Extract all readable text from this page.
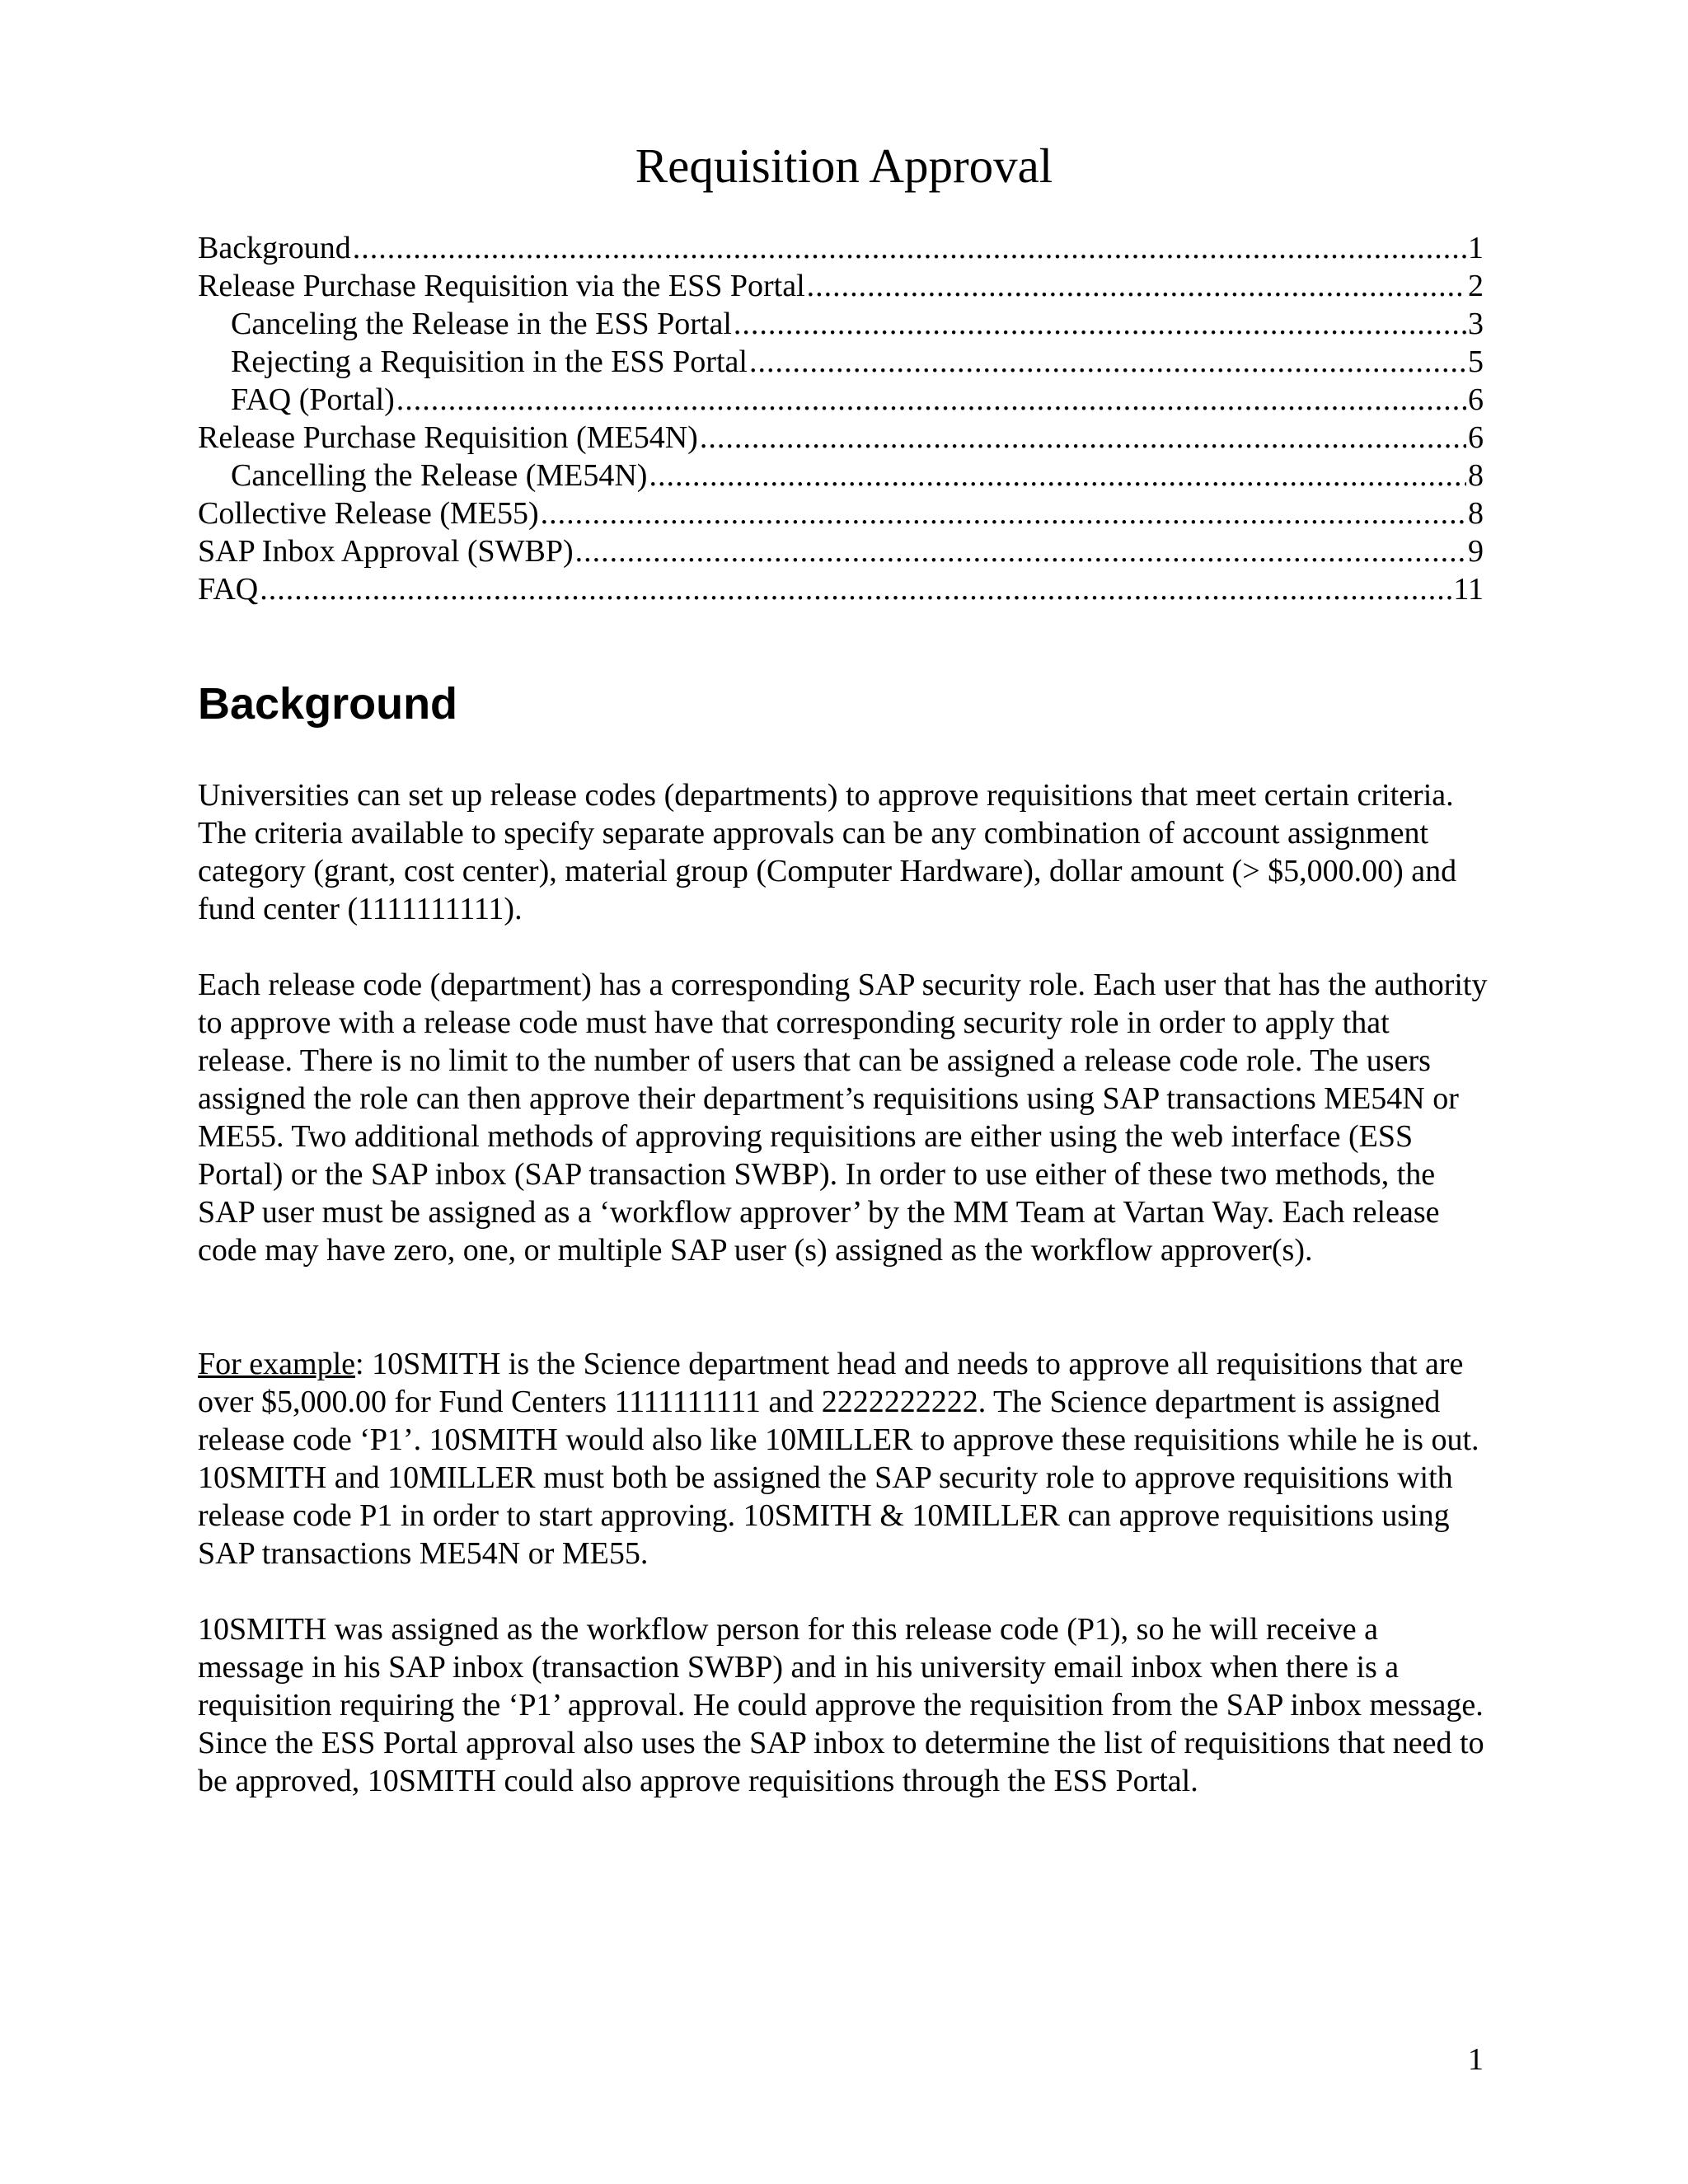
Requisition Approval
Background .....	1
Release Purchase Requisition via the ESS Portal .....	2
Canceling the Release in the ESS Portal .....	3
Rejecting a Requisition in the ESS Portal .....	5
FAQ (Portal) .....	6
Release Purchase Requisition (ME54N) .....	6
Cancelling the Release (ME54N) .....	8
Collective Release (ME55) .....	8
SAP Inbox Approval (SWBP) .....	9
FAQ .....	11
Background

Universities can set up release codes (departments) to approve requisitions that meet certain criteria. The criteria available to specify separate approvals can be any combination of account assignment category (grant, cost center), material group (Computer Hardware), dollar amount (> $5,000.00) and fund center (1111111111).

Each release code (department) has a corresponding SAP security role. Each user that has the authority to approve with a release code must have that corresponding security role in order to apply that release. There is no limit to the number of users that can be assigned a release code role. The users assigned the role can then approve their department’s requisitions using SAP transactions ME54N or ME55. Two additional methods of approving requisitions are either using the web interface (ESS Portal) or the SAP inbox (SAP transaction SWBP). In order to use either of these two methods, the SAP user must be assigned as a ‘workflow approver’ by the MM Team at Vartan Way. Each release code may have zero, one, or multiple SAP user (s) assigned as the workflow approver(s).

For example: 10SMITH is the Science department head and needs to approve all requisitions that are over $5,000.00 for Fund Centers 1111111111 and 2222222222. The Science department is assigned release code ‘P1’. 10SMITH would also like 10MILLER to approve these requisitions while he is out. 10SMITH and 10MILLER must both be assigned the SAP security role to approve requisitions with release code P1 in order to start approving. 10SMITH & 10MILLER can approve requisitions using SAP transactions ME54N or ME55.

10SMITH was assigned as the workflow person for this release code (P1), so he will receive a message in his SAP inbox (transaction SWBP) and in his university email inbox when there is a requisition requiring the ‘P1’ approval. He could approve the requisition from the SAP inbox message. Since the ESS Portal approval also uses the SAP inbox to determine the list of requisitions that need to be approved, 10SMITH could also approve requisitions through the ESS Portal.

1
